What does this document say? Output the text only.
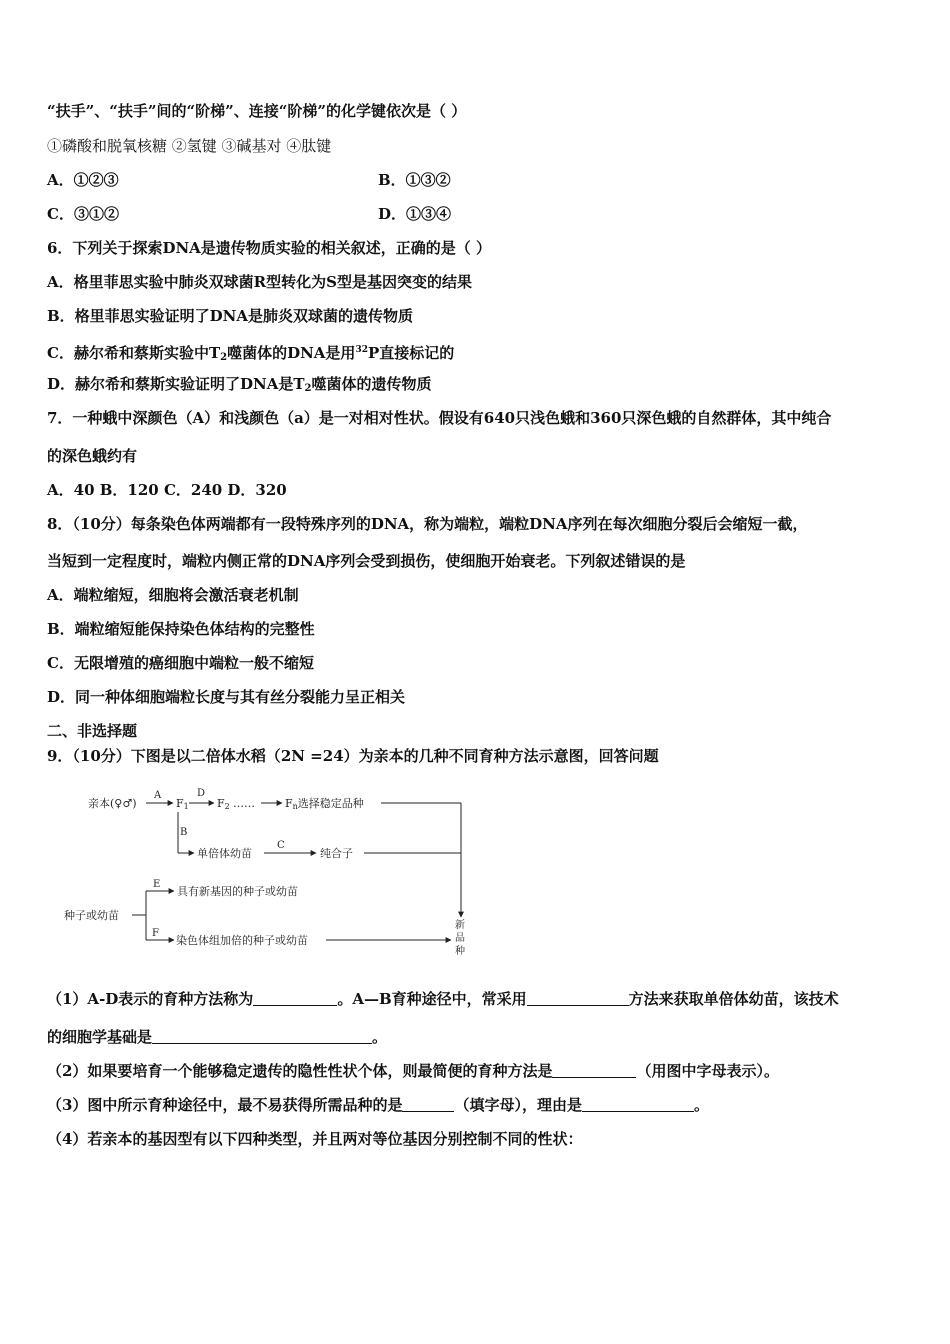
“扶手”、“扶手”间的“阶梯”、连接“阶梯”的化学键依次是（ ）
①磷酸和脱氧核糖 ②氢键 ③碱基对 ④肽键
A．①②③	B．①③②
C．③①②	D．①③④
6．下列关于探索DNA是遗传物质实验的相关叙述，正确的是（ ）
A．格里菲思实验中肺炎双球菌R型转化为S型是基因突变的结果
B．格里菲思实验证明了DNA是肺炎双球菌的遗传物质
C．赫尔希和蔡斯实验中$T_2$噬菌体的DNA是用$^{32}$P直接标记的
D．赫尔希和蔡斯实验证明了DNA是$T_2$噬菌体的遗传物质
7．一种蛾中深颜色（A）和浅颜色（a）是一对相对性状。假设有640只浅色蛾和360只深色蛾的自然群体，其中纯合
的深色蛾约有
A．40 B．120 C．240 D．320
8．（10分）每条染色体两端都有一段特殊序列的DNA，称为端粒，端粒DNA序列在每次细胞分裂后会缩短一截，
当短到一定程度时，端粒内侧正常的DNA序列会受到损伤，使细胞开始衰老。下列叙述错误的是
A．端粒缩短，细胞将会激活衰老机制
B．端粒缩短能保持染色体结构的完整性
C．无限增殖的癌细胞中端粒一般不缩短
D．同一种体细胞端粒长度与其有丝分裂能力呈正相关
二、非选择题
9．（10分）下图是以二倍体水稻（2N =24）为亲本的几种不同育种方法示意图，回答问题
亲本(♀♂)
A
F1
D
F2 ……	Fn选择稳定品种
B
单倍体幼苗
C
纯合子
种子或幼苗
E
具有新基因的种子或幼苗
F
染色体组加倍的种子或幼苗
新
品
种
（1）A-D表示的育种方法称为	。A—B育种途径中，常采用	方法来获取单倍体幼苗，该技术
的细胞学基础是	。
（2）如果要培育一个能够稳定遗传的隐性性状个体，则最简便的育种方法是	（用图中字母表示）。
（3）图中所示育种途径中，最不易获得所需品种的是	（填字母），理由是	。
（4）若亲本的基因型有以下四种类型，并且两对等位基因分别控制不同的性状：
